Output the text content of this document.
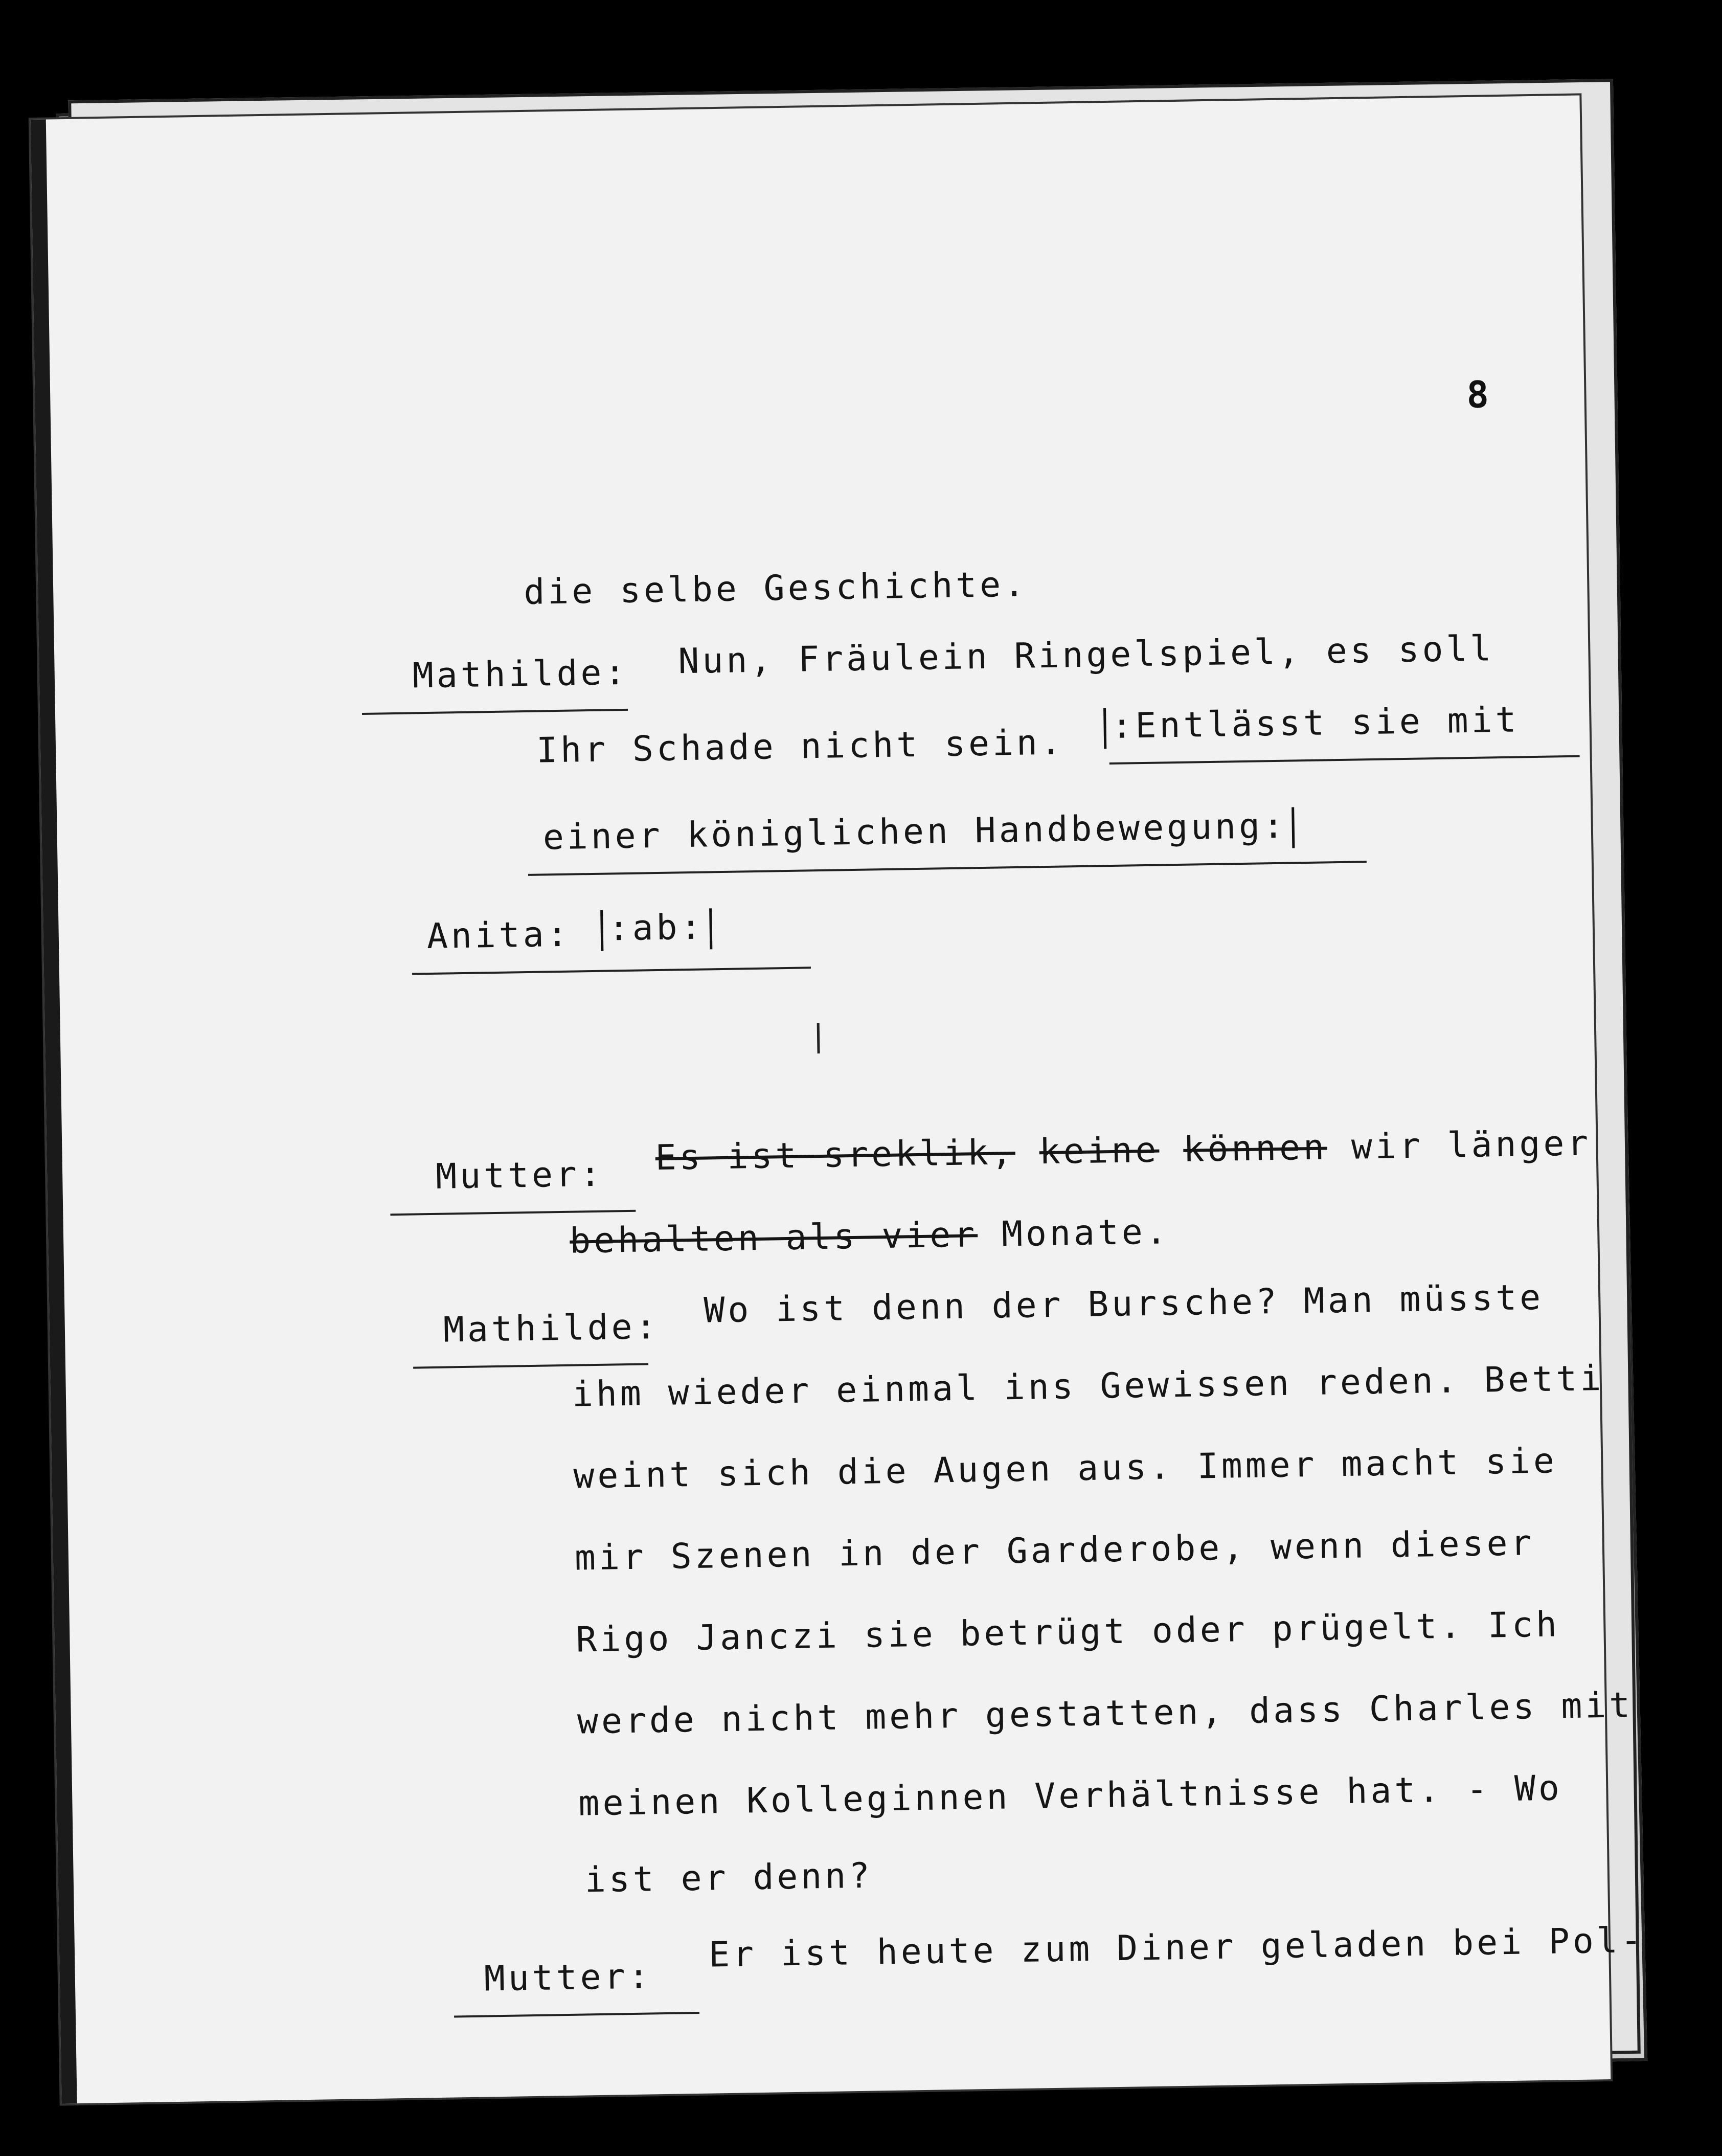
8
die selbe Geschichte.
Mathilde: Nun, Fräulein Ringelspiel, es soll
Ihr Schade nicht sein.	:Entlässt sie mit
einer königlichen Handbewegung:
Anita:	:ab:
Mutter: Es ist sreklik, keine können wir länger
behalten als vier Monate.
Mathilde: Wo ist denn der Bursche? Man müsste
ihm wieder einmal ins Gewissen reden. Betti
weint sich die Augen aus. Immer macht sie
mir Szenen in der Garderobe, wenn dieser
Rigo Janczi sie betrügt oder prügelt. Ich
werde nicht mehr gestatten, dass Charles mit
meinen Kolleginnen Verhältnisse hat. - Wo
ist er denn?
Mutter:
Er ist heute zum Diner geladen bei Pol-
